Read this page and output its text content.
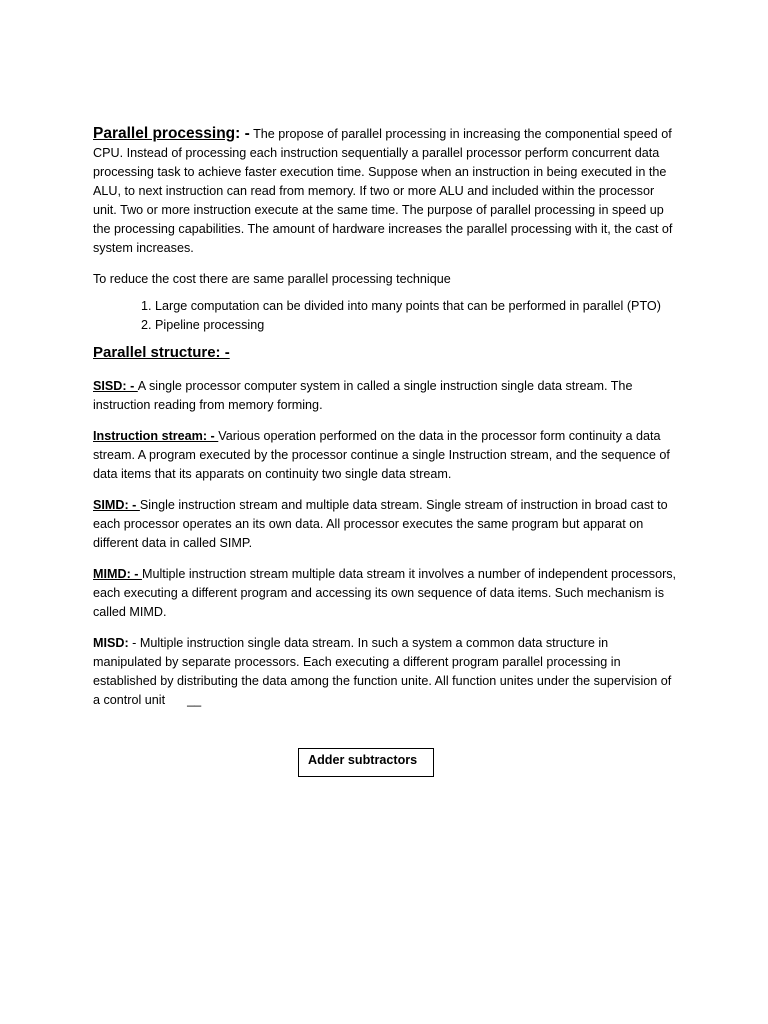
Parallel processing: - The propose of parallel processing in increasing the componential speed of CPU. Instead of processing each instruction sequentially a parallel processor perform concurrent data processing task to achieve faster execution time. Suppose when an instruction in being executed in the ALU, to next instruction can read from memory. If two or more ALU and included within the processor unit. Two or more instruction execute at the same time. The purpose of parallel processing in speed up the processing capabilities. The amount of hardware increases the parallel processing with it, the cast of system increases.

To reduce the cost there are same parallel processing technique

1. Large computation can be divided into many points that can be performed in parallel (PTO)
2. Pipeline processing
Parallel structure: -

SISD: - A single processor computer system in called a single instruction single data stream. The instruction reading from memory forming.

Instruction stream: - Various operation performed on the data in the processor form continuity a data stream. A program executed by the processor continue a single Instruction stream, and the sequence of data items that its apparats on continuity two single data stream.

SIMD: - Single instruction stream and multiple data stream. Single stream of instruction in broad cast to each processor operates an its own data. All processor executes the same program but apparat on different data in called SIMP.

MIMD: - Multiple instruction stream multiple data stream it involves a number of independent processors, each executing a different program and accessing its own sequence of data items. Such mechanism is called MIMD.

MISD: - Multiple instruction single data stream. In such a system a common data structure in manipulated by separate processors. Each executing a different program parallel processing in established by distributing the data among the function unite. All function unites under the supervision of a control unit __

Adder subtractors
